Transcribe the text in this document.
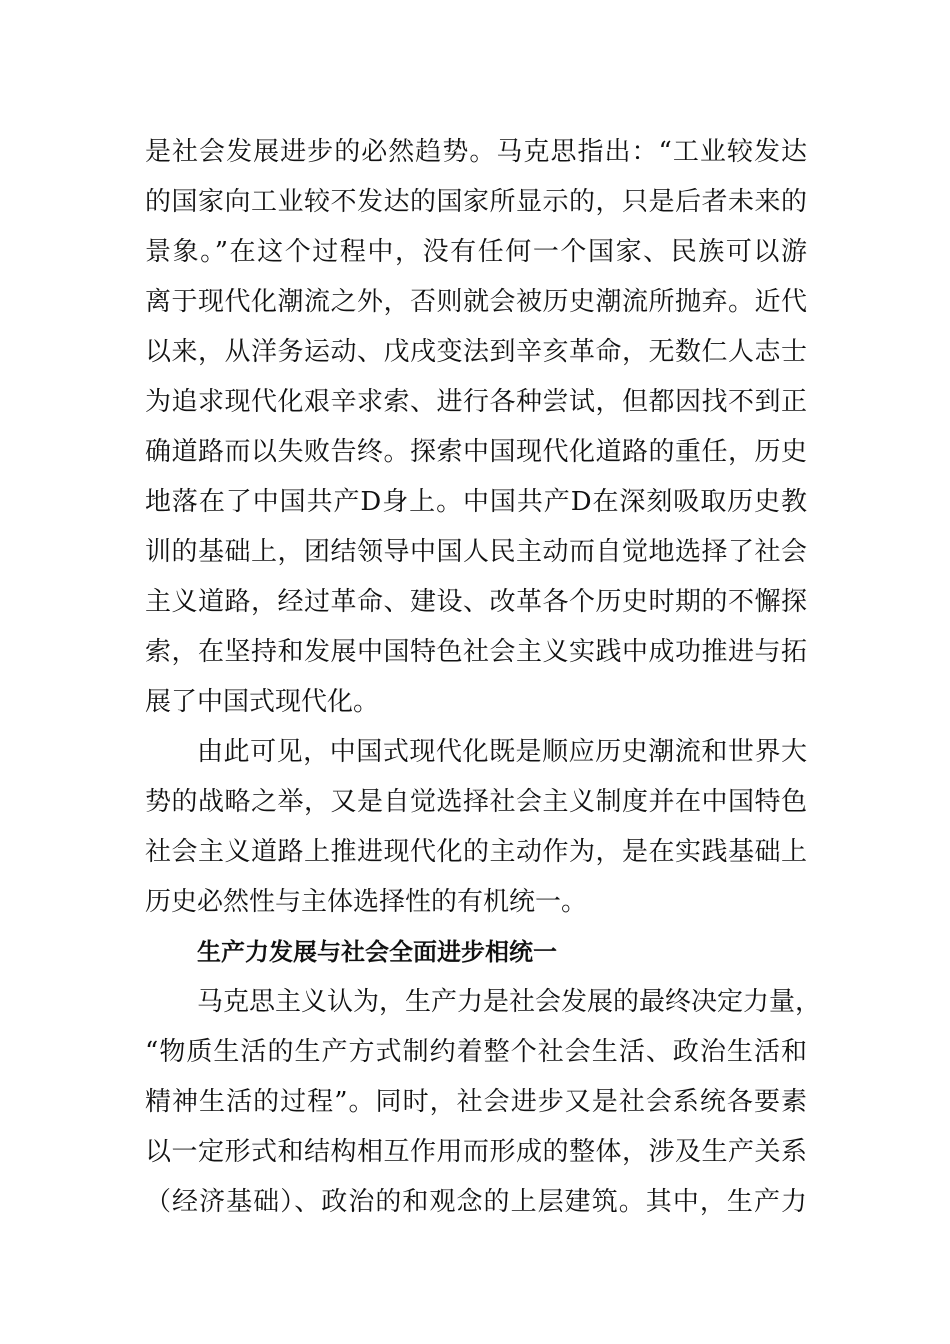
是社会发展进步的必然趋势。马克思指出：“工业较发达
的国家向工业较不发达的国家所显示的，只是后者未来的
景象。”在这个过程中，没有任何一个国家、民族可以游
离于现代化潮流之外，否则就会被历史潮流所抛弃。近代
以来，从洋务运动、戊戌变法到辛亥革命，无数仁人志士
为追求现代化艰辛求索、进行各种尝试，但都因找不到正
确道路而以失败告终。探索中国现代化道路的重任，历史
地落在了中国共产D身上。中国共产D在深刻吸取历史教
训的基础上，团结领导中国人民主动而自觉地选择了社会
主义道路，经过革命、建设、改革各个历史时期的不懈探
索，在坚持和发展中国特色社会主义实践中成功推进与拓
展了中国式现代化。
由此可见，中国式现代化既是顺应历史潮流和世界大
势的战略之举，又是自觉选择社会主义制度并在中国特色
社会主义道路上推进现代化的主动作为，是在实践基础上
历史必然性与主体选择性的有机统一。
生产力发展与社会全面进步相统一
马克思主义认为，生产力是社会发展的最终决定力量，
“物质生活的生产方式制约着整个社会生活、政治生活和
精神生活的过程”。同时，社会进步又是社会系统各要素
以一定形式和结构相互作用而形成的整体，涉及生产关系
（经济基础）、政治的和观念的上层建筑。其中，生产力
